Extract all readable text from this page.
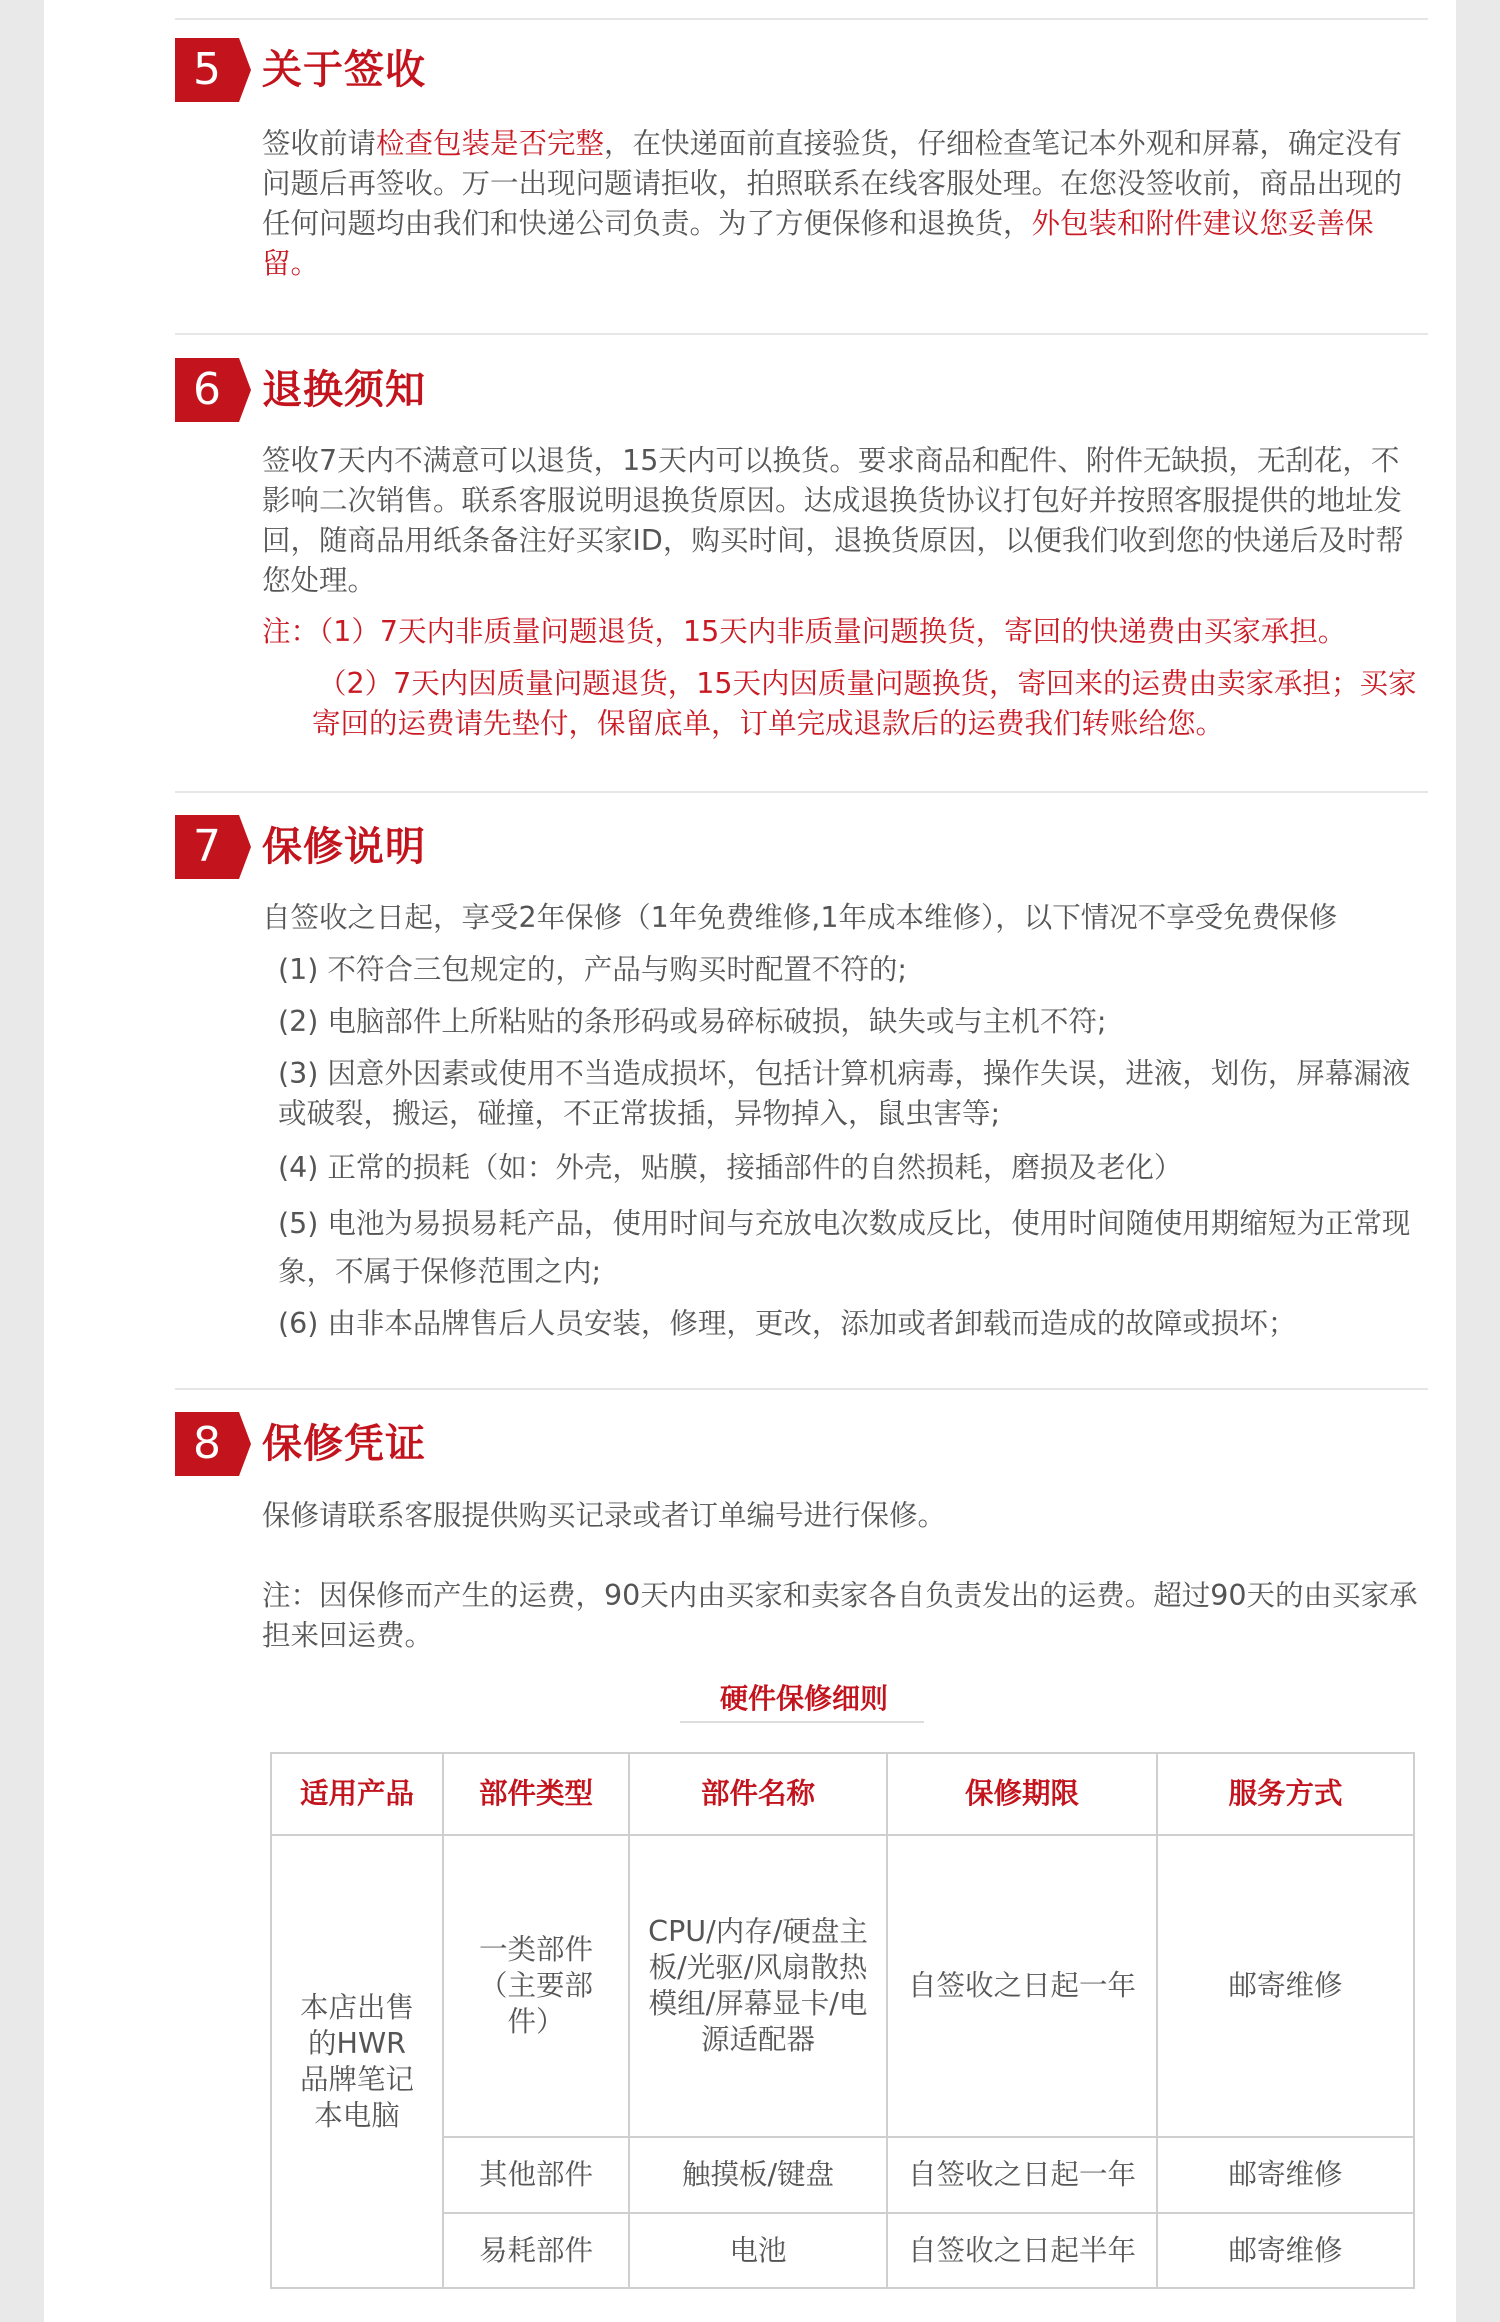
5	关于签收

签收前请检查包装是否完整，在快递面前直接验货，仔细检查笔记本外观和屏幕，确定没有问题后再签收。万一出现问题请拒收，拍照联系在线客服处理。在您没签收前，商品出现的任何问题均由我们和快递公司负责。为了方便保修和退换货，外包装和附件建议您妥善保留。

6	退换须知

签收7天内不满意可以退货，15天内可以换货。要求商品和配件、附件无缺损，无刮花，不影响二次销售。联系客服说明退换货原因。达成退换货协议打包好并按照客服提供的地址发回，随商品用纸条备注好买家ID，购买时间，退换货原因，以便我们收到您的快递后及时帮您处理。

注：（1）7天内非质量问题退货，15天内非质量问题换货，寄回的快递费由买家承担。

（2）7天内因质量问题退货，15天内因质量问题换货，寄回来的运费由卖家承担；买家寄回的运费请先垫付，保留底单，订单完成退款后的运费我们转账给您。

7	保修说明

自签收之日起，享受2年保修（1年免费维修,1年成本维修），以下情况不享受免费保修

(1) 不符合三包规定的，产品与购买时配置不符的;

(2) 电脑部件上所粘贴的条形码或易碎标破损，缺失或与主机不符;

(3) 因意外因素或使用不当造成损坏，包括计算机病毒，操作失误，进液，划伤，屏幕漏液或破裂，搬运，碰撞，不正常拔插，异物掉入，鼠虫害等;

(4) 正常的损耗（如：外壳，贴膜，接插部件的自然损耗，磨损及老化）

(5) 电池为易损易耗产品，使用时间与充放电次数成反比，使用时间随使用期缩短为正常现象，不属于保修范围之内;

(6) 由非本品牌售后人员安装，修理，更改，添加或者卸载而造成的故障或损坏；

8	保修凭证

保修请联系客服提供购买记录或者订单编号进行保修。

注：因保修而产生的运费，90天内由买家和卖家各自负责发出的运费。超过90天的由买家承担来回运费。

硬件保修细则
适用产品	部件类型	部件名称	保修期限	服务方式
本店出售的HWR品牌笔记本电脑	一类部件（主要部件）	CPU/内存/硬盘主板/光驱/风扇散热模组/屏幕显卡/电源适配器	自签收之日起一年	邮寄维修
	其他部件	触摸板/键盘	自签收之日起一年	邮寄维修
	易耗部件	电池	自签收之日起半年	邮寄维修
